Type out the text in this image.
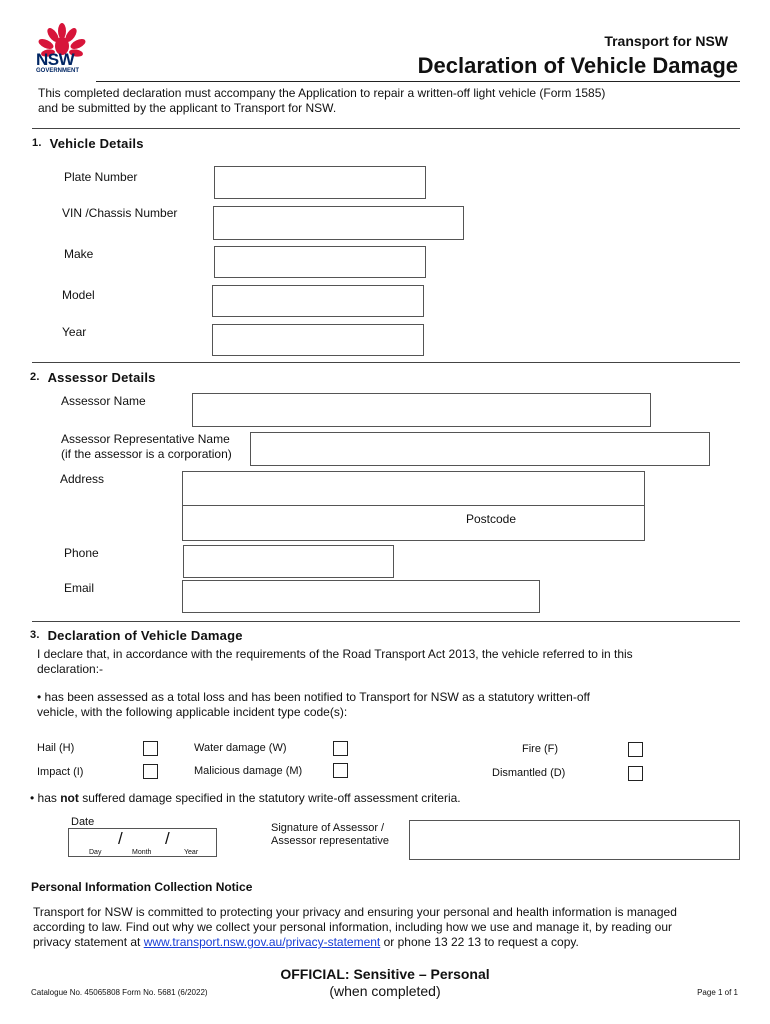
NSW
GOVERNMENT
Transport for NSW
Declaration of Vehicle Damage
This completed declaration must accompany the Application to repair a written-off light vehicle (Form 1585)
and be submitted by the applicant to Transport for NSW.
1. Vehicle Details
Plate Number
VIN /Chassis Number
Make
Model
Year
2. Assessor Details
Assessor Name
Assessor Representative Name
(if the assessor is a corporation)
Address
Postcode
Phone
Email
3. Declaration of Vehicle Damage
I declare that, in accordance with the requirements of the Road Transport Act 2013, the vehicle referred to in this
declaration:-
• has been assessed as a total loss and has been notified to Transport for NSW as a statutory written-off
vehicle, with the following applicable incident type code(s):
Hail (H)	Water damage (W)	Fire (F)
Impact (I)	Malicious damage (M)	Dismantled (D)
• has not suffered damage specified in the statutory write-off assessment criteria.
Date
/ /
Day	Month	Year
Signature of Assessor /
Assessor representative
Personal Information Collection Notice
Transport for NSW is committed to protecting your privacy and ensuring your personal and health information is managed
according to law. Find out why we collect your personal information, including how we use and manage it, by reading our
privacy statement at www.transport.nsw.gov.au/privacy-statement or phone 13 22 13 to request a copy.
Catalogue No. 45065808 Form No. 5681 (6/2022)
OFFICIAL: Sensitive – Personal
(when completed)	Page 1 of 1
